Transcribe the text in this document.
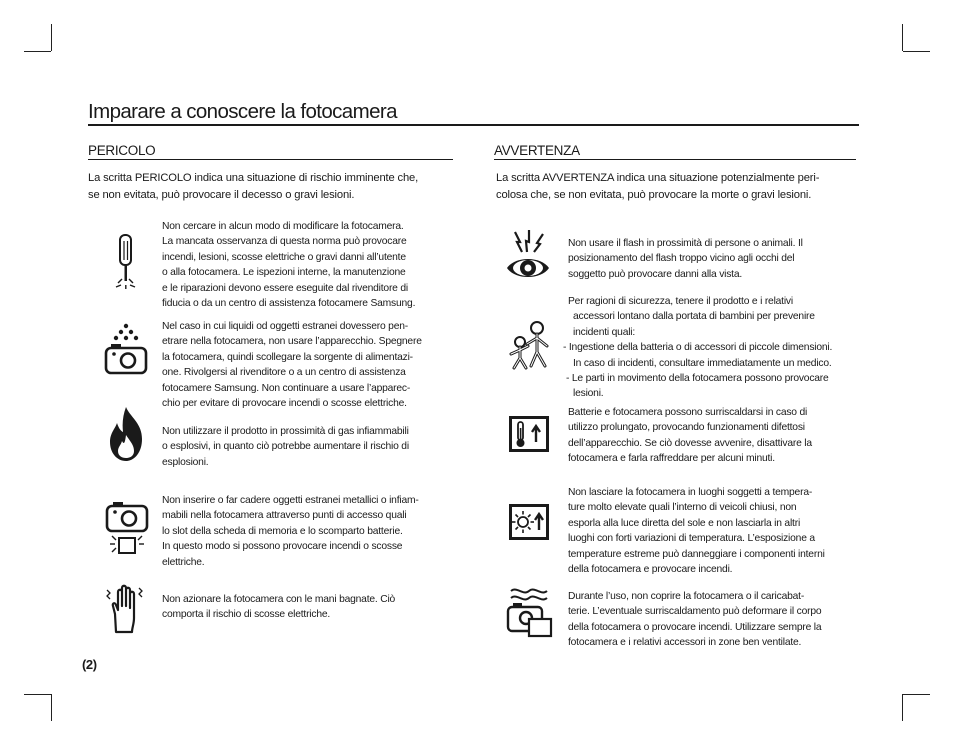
Imparare a conoscere la fotocamera
PERICOLO
La scritta PERICOLO indica una situazione di rischio imminente che,
se non evitata, può provocare il decesso o gravi lesioni.
Non cercare in alcun modo di modificare la fotocamera.
La mancata osservanza di questa norma può provocare
incendi, lesioni, scosse elettriche o gravi danni all’utente
o alla fotocamera. Le ispezioni interne, la manutenzione
e le riparazioni devono essere eseguite dal rivenditore di
fiducia o da un centro di assistenza fotocamere Samsung.
Nel caso in cui liquidi od oggetti estranei dovessero pen-
etrare nella fotocamera, non usare l’apparecchio. Spegnere
la fotocamera, quindi scollegare la sorgente di alimentazi-
one. Rivolgersi al rivenditore o a un centro di assistenza
fotocamere Samsung. Non continuare a usare l’apparec-
chio per evitare di provocare incendi o scosse elettriche.
Non utilizzare il prodotto in prossimità di gas infiammabili
o esplosivi, in quanto ciò potrebbe aumentare il rischio di
esplosioni.
Non inserire o far cadere oggetti estranei metallici o infiam-
mabili nella fotocamera attraverso punti di accesso quali
lo slot della scheda di memoria e lo scomparto batterie.
In questo modo si possono provocare incendi o scosse
elettriche.
Non azionare la fotocamera con le mani bagnate. Ciò
comporta il rischio di scosse elettriche.
(2)
AVVERTENZA
La scritta AVVERTENZA indica una situazione potenzialmente peri-
colosa che, se non evitata, può provocare la morte o gravi lesioni.
Non usare il flash in prossimità di persone o animali. Il
posizionamento del flash troppo vicino agli occhi del
soggetto può provocare danni alla vista.
Per ragioni di sicurezza, tenere il prodotto e i relativi
accessori lontano dalla portata di bambini per prevenire
incidenti quali:
- Ingestione della batteria o di accessori di piccole dimensioni.
In caso di incidenti, consultare immediatamente un medico.
- Le parti in movimento della fotocamera possono provocare
lesioni.
Batterie e fotocamera possono surriscaldarsi in caso di
utilizzo prolungato, provocando funzionamenti difettosi
dell’apparecchio. Se ciò dovesse avvenire, disattivare la
fotocamera e farla raffreddare per alcuni minuti.
Non lasciare la fotocamera in luoghi soggetti a tempera-
ture molto elevate quali l’interno di veicoli chiusi, non
esporla alla luce diretta del sole e non lasciarla in altri
luoghi con forti variazioni di temperatura. L’esposizione a
temperature estreme può danneggiare i componenti interni
della fotocamera e provocare incendi.
Durante l’uso, non coprire la fotocamera o il caricabat-
terie. L’eventuale surriscaldamento può deformare il corpo
della fotocamera o provocare incendi. Utilizzare sempre la
fotocamera e i relativi accessori in zone ben ventilate.
